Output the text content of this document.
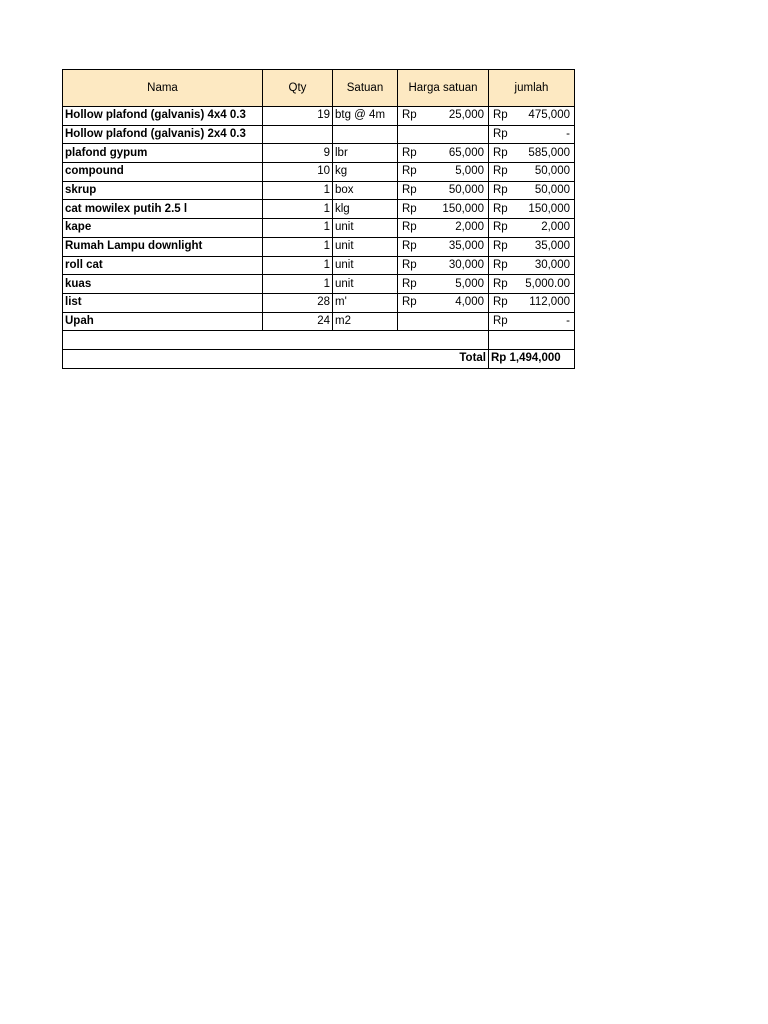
Nama	Qty	Satuan	Harga satuan	jumlah
Hollow plafond (galvanis) 4x4 0.3	19	btg @ 4m	Rp 25,000	Rp 475,000

Hollow plafond (galvanis) 2x4 0.3				Rp -

plafond gypum	9	lbr	Rp 65,000	Rp 585,000

compound	10	kg	Rp 5,000	Rp 50,000

skrup	1	box	Rp 50,000	Rp 50,000

cat mowilex putih 2.5 l	1	klg	Rp 150,000	Rp 150,000

kape	1	unit	Rp 2,000	Rp 2,000

Rumah Lampu downlight	1	unit	Rp 35,000	Rp 35,000

roll cat	1	unit	Rp 30,000	Rp 30,000

kuas	1	unit	Rp 5,000	Rp 5,000.00

list	28	m'	Rp 4,000	Rp 112,000

Upah	24	m2		Rp -

Total				Rp 1,494,000
